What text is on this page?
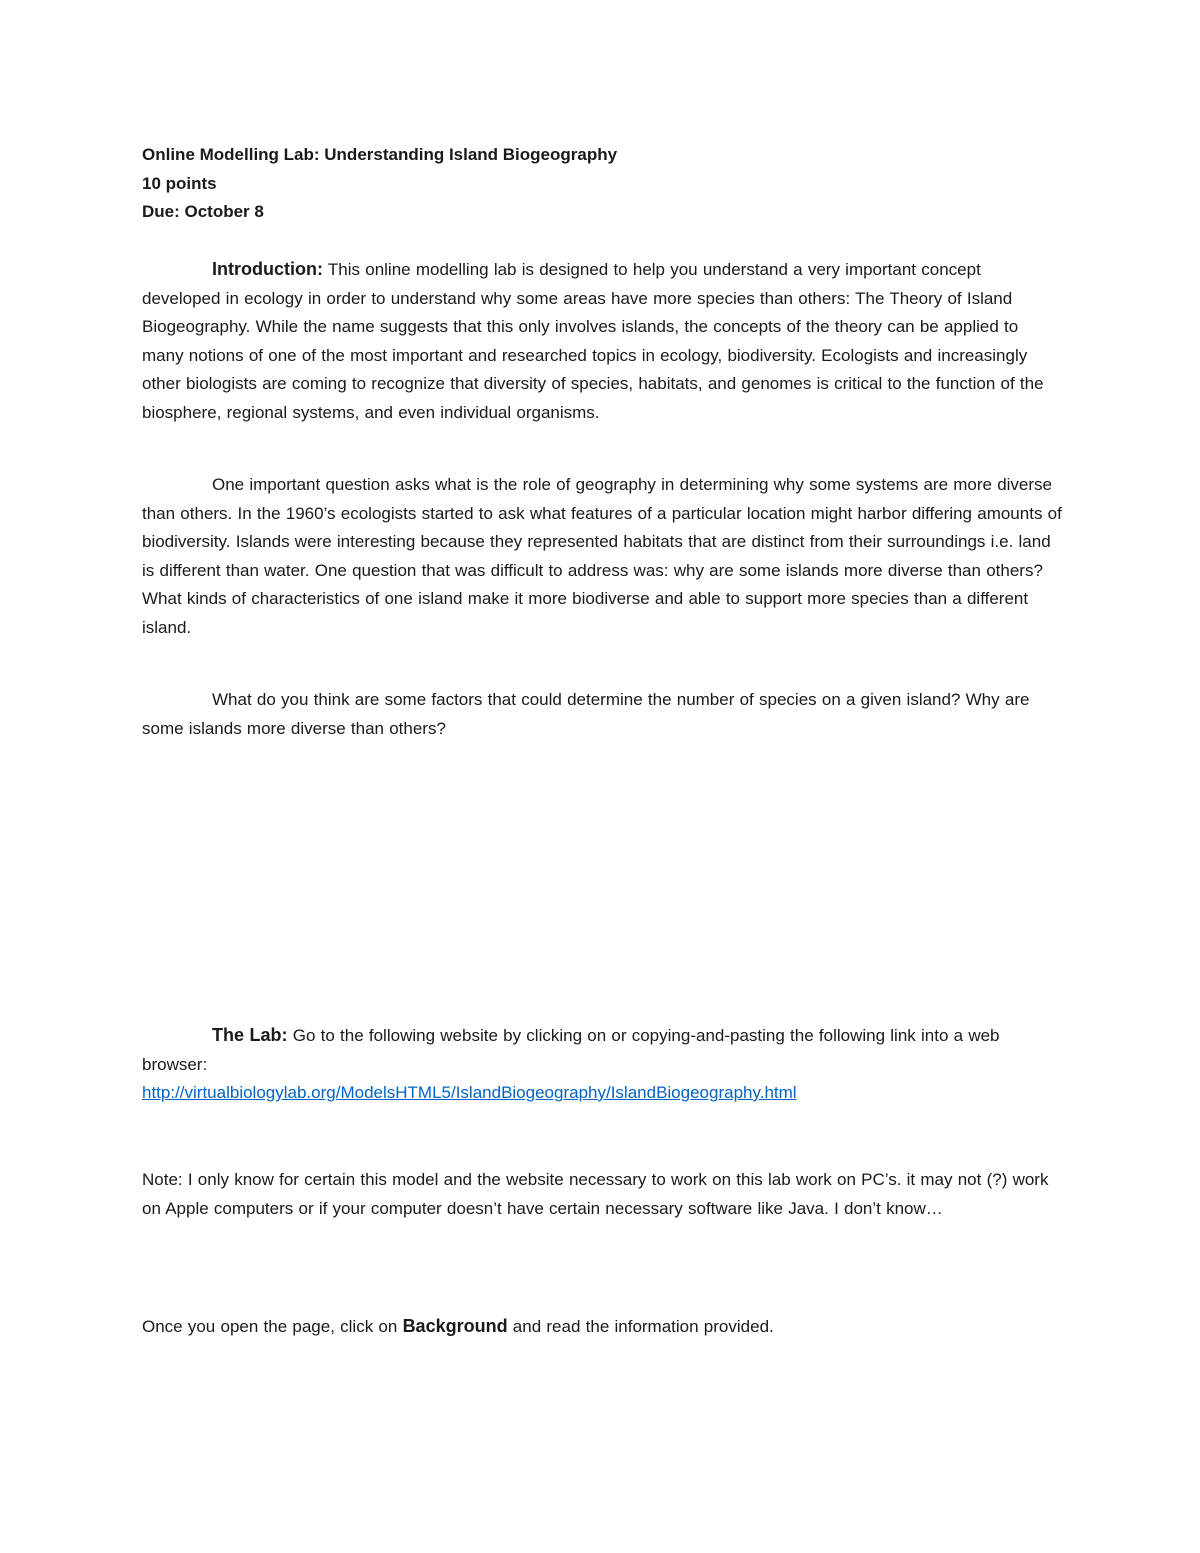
Online Modelling Lab: Understanding Island Biogeography
10 points
Due: October 8

Introduction: This online modelling lab is designed to help you understand a very important concept developed in ecology in order to understand why some areas have more species than others: The Theory of Island Biogeography. While the name suggests that this only involves islands, the concepts of the theory can be applied to many notions of one of the most important and researched topics in ecology, biodiversity. Ecologists and increasingly other biologists are coming to recognize that diversity of species, habitats, and genomes is critical to the function of the biosphere, regional systems, and even individual organisms.

One important question asks what is the role of geography in determining why some systems are more diverse than others. In the 1960’s ecologists started to ask what features of a particular location might harbor differing amounts of biodiversity. Islands were interesting because they represented habitats that are distinct from their surroundings i.e. land is different than water. One question that was difficult to address was: why are some islands more diverse than others? What kinds of characteristics of one island make it more biodiverse and able to support more species than a different island.

What do you think are some factors that could determine the number of species on a given island? Why are some islands more diverse than others?

The Lab: Go to the following website by clicking on or copying-and-pasting the following link into a web browser:

http://virtualbiologylab.org/ModelsHTML5/IslandBiogeography/IslandBiogeography.html

Note: I only know for certain this model and the website necessary to work on this lab work on PC’s. it may not (?) work on Apple computers or if your computer doesn’t have certain necessary software like Java. I don’t know…

Once you open the page, click on Background and read the information provided.
